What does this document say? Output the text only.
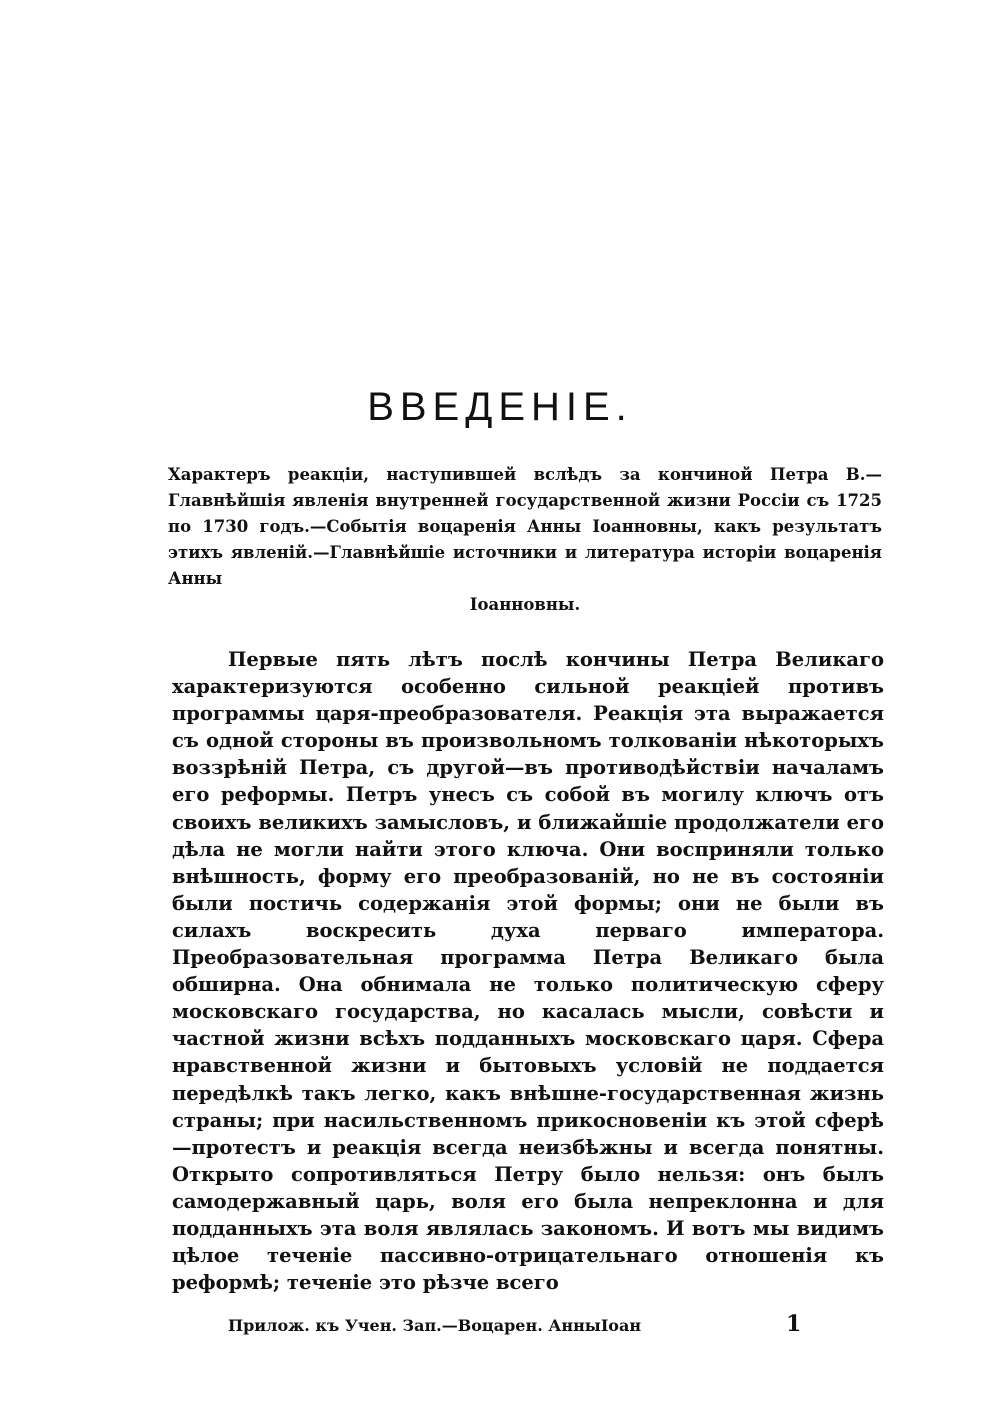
ВВЕДЕНIЕ.
Характеръ реакцiи, наступившей вслѣдъ за кончиной Петра В.—Главнѣйшiя явленiя внутренней государственной жизни Россiи съ 1725 по 1730 годъ.—Событiя воцаренiя Анны Iоанновны, какъ результатъ этихъ явленiй.—Главнѣйшiе источники и литература исторiи воцаренiя Анны
Iоанновны.

Первые пять лѣтъ послѣ кончины Петра Великаго характеризуются особенно сильной реакцiей противъ программы царя-преобразователя. Реакцiя эта выражается съ одной стороны въ произвольномъ толкованiи нѣкоторыхъ воззрѣнiй Петра, съ другой—въ противодѣйствiи началамъ его реформы. Петръ унесъ съ собой въ могилу ключъ отъ своихъ великихъ замысловъ, и ближайшiе продолжатели его дѣла не могли найти этого ключа. Они восприняли только внѣшность, форму его преобразованiй, но не въ состоянiи были постичь содержанiя этой формы; они не были въ силахъ воскресить духа перваго императора. Преобразовательная программа Петра Великаго была обширна. Она обнимала не только политическую сферу московскаго государства, но касалась мысли, совѣсти и частной жизни всѣхъ подданныхъ московскаго царя. Сфера нравственной жизни и бытовыхъ условiй не поддается передѣлкѣ такъ легко, какъ внѣшне-государственная жизнь страны; при насильственномъ прикосновенiи къ этой сферѣ—протестъ и реакцiя всегда неизбѣжны и всегда понятны. Открыто сопротивляться Петру было нельзя: онъ былъ самодержавный царь, воля его была непреклонна и для подданныхъ эта воля являлась закономъ. И вотъ мы видимъ цѣлое теченiе пассивно-отрицательнаго отношенiя къ реформѣ; теченiе это рѣзче всего

Прилож. къ Учен. Зап.—Воцарен. АнныIоан	1
